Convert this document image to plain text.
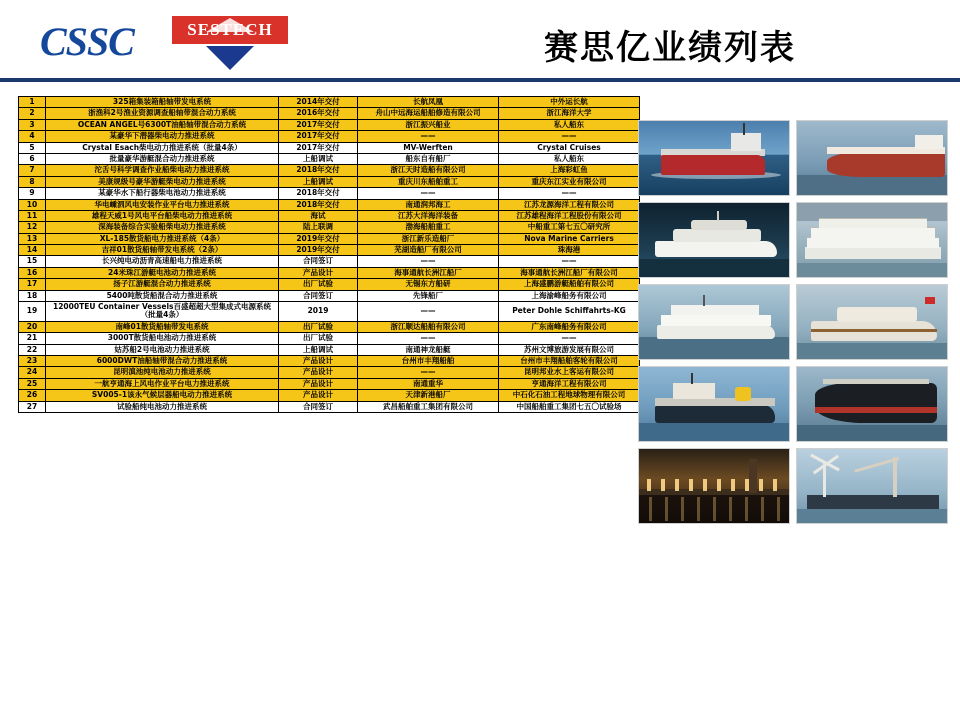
CSSC	SESTECH	赛思亿业绩列表
1	325箱集装箱船轴带发电系统	2014年交付	长航凤凰	中外运长航
2	浙渔科2号渔业资源调查船轴带混合动力系统	2016年交付	舟山中远海运船舶修造有限公司	浙江海洋大学
3	OCEAN ANGEL号6300T油船轴带混合动力系统	2017年交付	浙江振兴船业	私人船东
4	某豪华下潜器柴电动力推进系统	2017年交付	——	——
5	Crystal Esach柴电动力推进系统（批量4条）	2017年交付	MV-Werften	Crystal Cruises
6	批量豪华游艇混合动力推进系统	上船调试	船东自有船厂	私人船东
7	沱舌号科学调查作业船柴电动力推进系统	2018年交付	浙江天时造船有限公司	上海彩虹鱼
8	美康规级号豪华游艇柴电动力推进系统	上船调试	重庆川东船舶重工	重庆东江实业有限公司
9	某豪华水下船行器柴电池动力推进系统	2018年交付	——	——
10	华电嵊泗风电安装作业平台电力推进系统	2018年交付	南通润邦海工	江苏龙源海洋工程有限公司
11	雄程天威1号风电平台船柴电动力推进系统	海试	江苏大洋海洋装备	江苏雄程海洋工程股份有限公司
12	深海装备综合实验船柴电动力推进系统	陆上联调	渤海船舶重工	中船重工第七五〇研究所
13	XL-185散货船电力推进系统（4条）	2019年交付	浙江新乐造船厂	Nova Marine Carriers
14	吉祥01散货船轴带发电系统（2条）	2019年交付	芜湖造船厂有限公司	珠海港
15	长兴纯电动沥青高速船电力推进系统	合同签订	——	——
16	24米珠江游艇电池动力推进系统	产品设计	海事通航长洲江船厂	海事通航长洲江船厂有限公司
17	扬子江游艇混合动力推进系统	出厂试验	无锡东方船研	上海盛鹏游艇船舶有限公司
18	5400吨散货船混合动力推进系统	合同签订	先锋船厂	上海渝峰船务有限公司
19	12000TEU Container Vessels百盛超超大型集成式电源系统（批量4条）	2019	——	Peter Dohle Schiffahrts-KG
20	南峰01散货船轴带发电系统	出厂试验	浙江顺达船舶有限公司	广东南峰船务有限公司
21	3000T散货船电池动力推进系统	出厂试验	——	——
22	姑苏船2号电池动力推进系统	上船调试	南通神龙船艇	苏州文博旅游发展有限公司
23	6000DWT油船轴带混合动力推进系统	产品设计	台州市丰翔船舶	台州市丰翔船舶客轮有限公司
24	昆明滇池纯电池动力推进系统	产品设计	——	昆明邦业水上客运有限公司
25	一航亨通海上风电作业平台电力推进系统	产品设计	南通重华	亨通海洋工程有限公司
26	SV005-1该永气候层器船电动力推进系统	产品设计	天津新港船厂	中石化石油工程地球物理有限公司
27	试验船纯电池动力推进系统	合同签订	武昌船舶重工集团有限公司	中国船舶重工集团七五〇试验场
